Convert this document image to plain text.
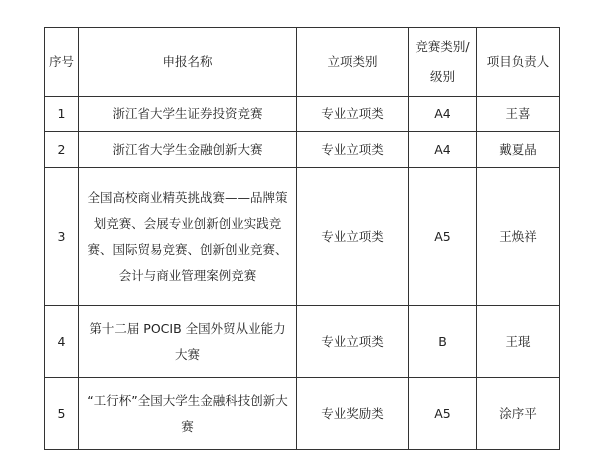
序号	申报名称	立项类别	竞赛类别/级别	项目负责人
1	浙江省大学生证券投资竞赛	专业立项类	A4	王喜
2	浙江省大学生金融创新大赛	专业立项类	A4	戴夏晶
3	全国高校商业精英挑战赛——品牌策划竞赛、会展专业创新创业实践竞赛、国际贸易竞赛、创新创业竞赛、会计与商业管理案例竞赛	专业立项类	A5	王焕祥
4	第十二届 POCIB 全国外贸从业能力大赛	专业立项类	B	王琨
5	“工行杯”全国大学生金融科技创新大赛	专业奖励类	A5	涂序平
